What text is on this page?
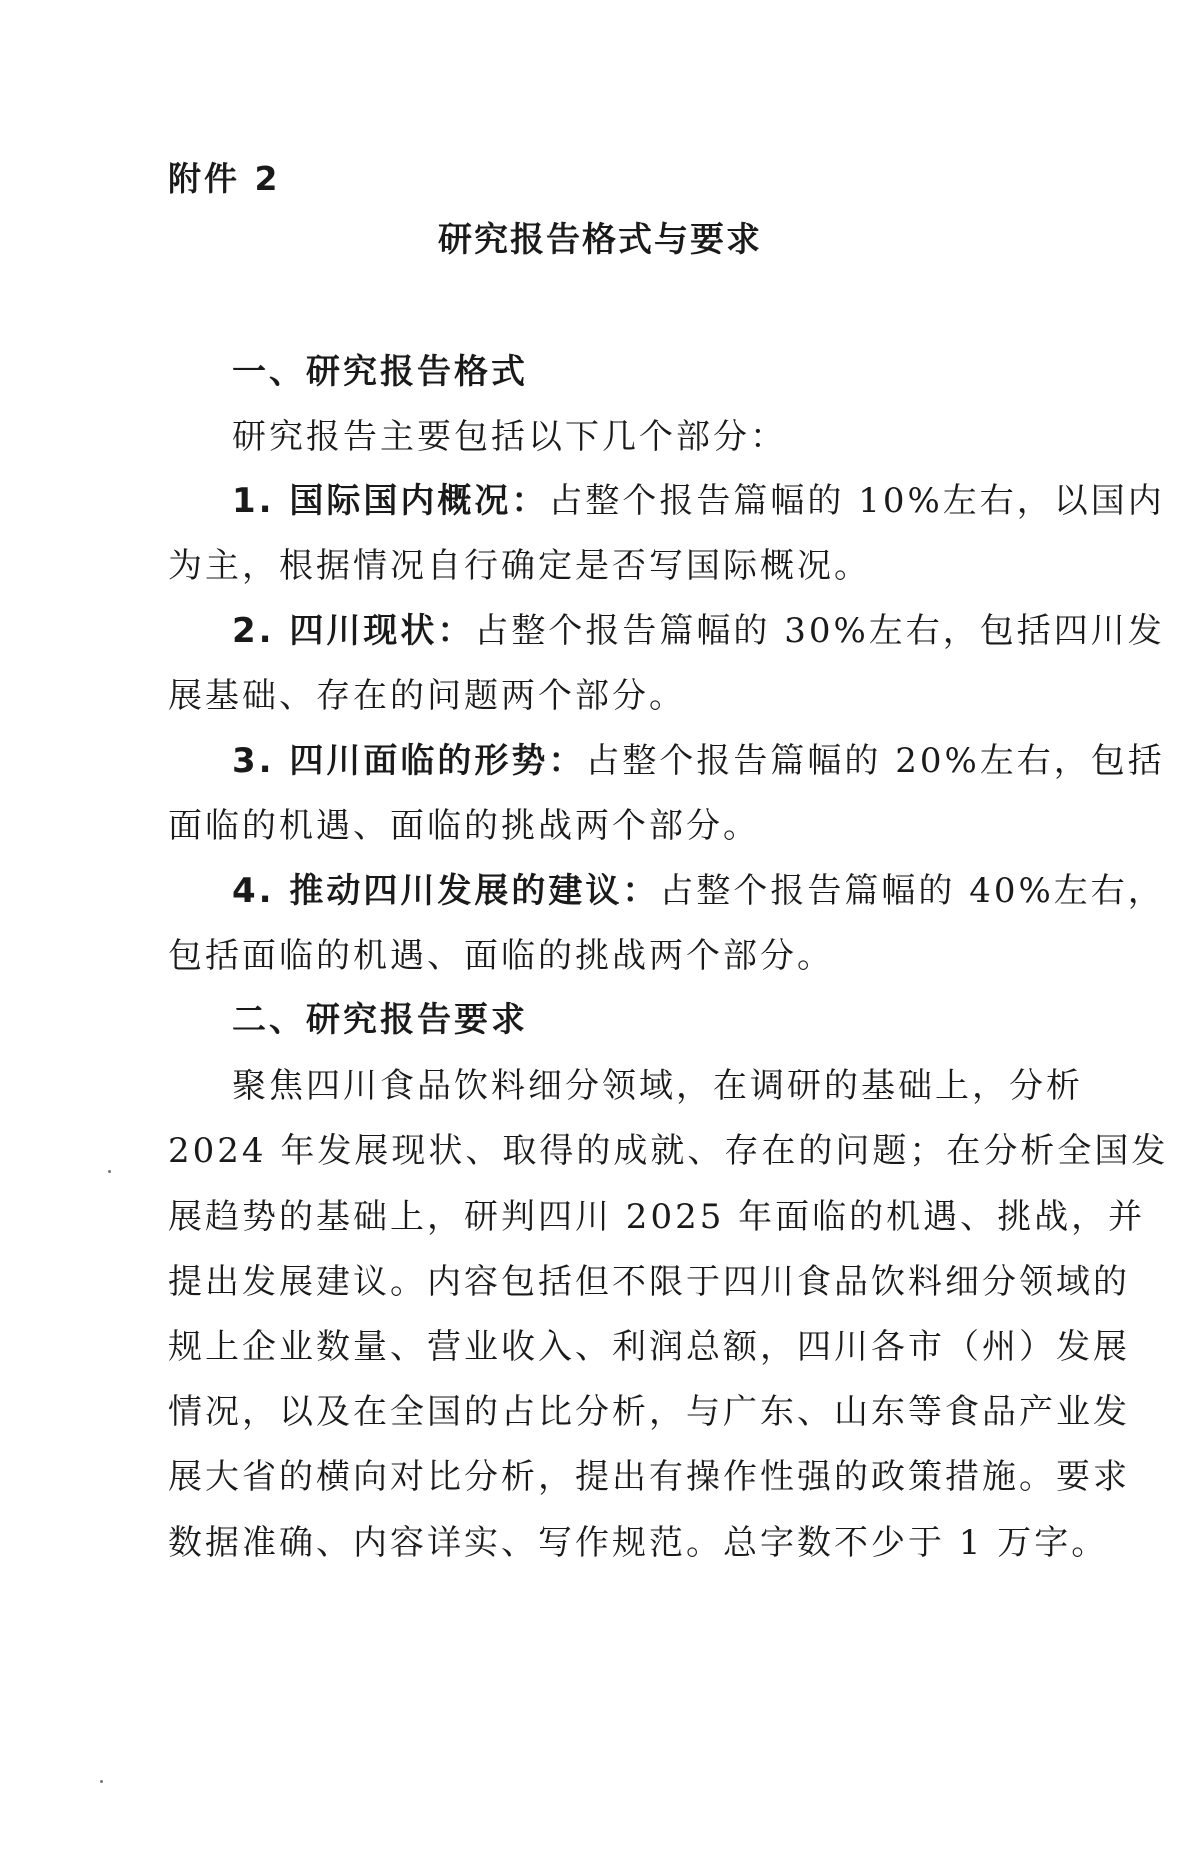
附件 2
研究报告格式与要求
一、研究报告格式
研究报告主要包括以下几个部分：
1. 国际国内概况：占整个报告篇幅的 10%左右，以国内
为主，根据情况自行确定是否写国际概况。
2. 四川现状：占整个报告篇幅的 30%左右，包括四川发
展基础、存在的问题两个部分。
3. 四川面临的形势：占整个报告篇幅的 20%左右，包括
面临的机遇、面临的挑战两个部分。
4. 推动四川发展的建议：占整个报告篇幅的 40%左右，
包括面临的机遇、面临的挑战两个部分。
二、研究报告要求
聚焦四川食品饮料细分领域，在调研的基础上，分析
2024 年发展现状、取得的成就、存在的问题；在分析全国发
展趋势的基础上，研判四川 2025 年面临的机遇、挑战，并
提出发展建议。内容包括但不限于四川食品饮料细分领域的
规上企业数量、营业收入、利润总额，四川各市（州）发展
情况，以及在全国的占比分析，与广东、山东等食品产业发
展大省的横向对比分析，提出有操作性强的政策措施。要求
数据准确、内容详实、写作规范。总字数不少于 1 万字。
